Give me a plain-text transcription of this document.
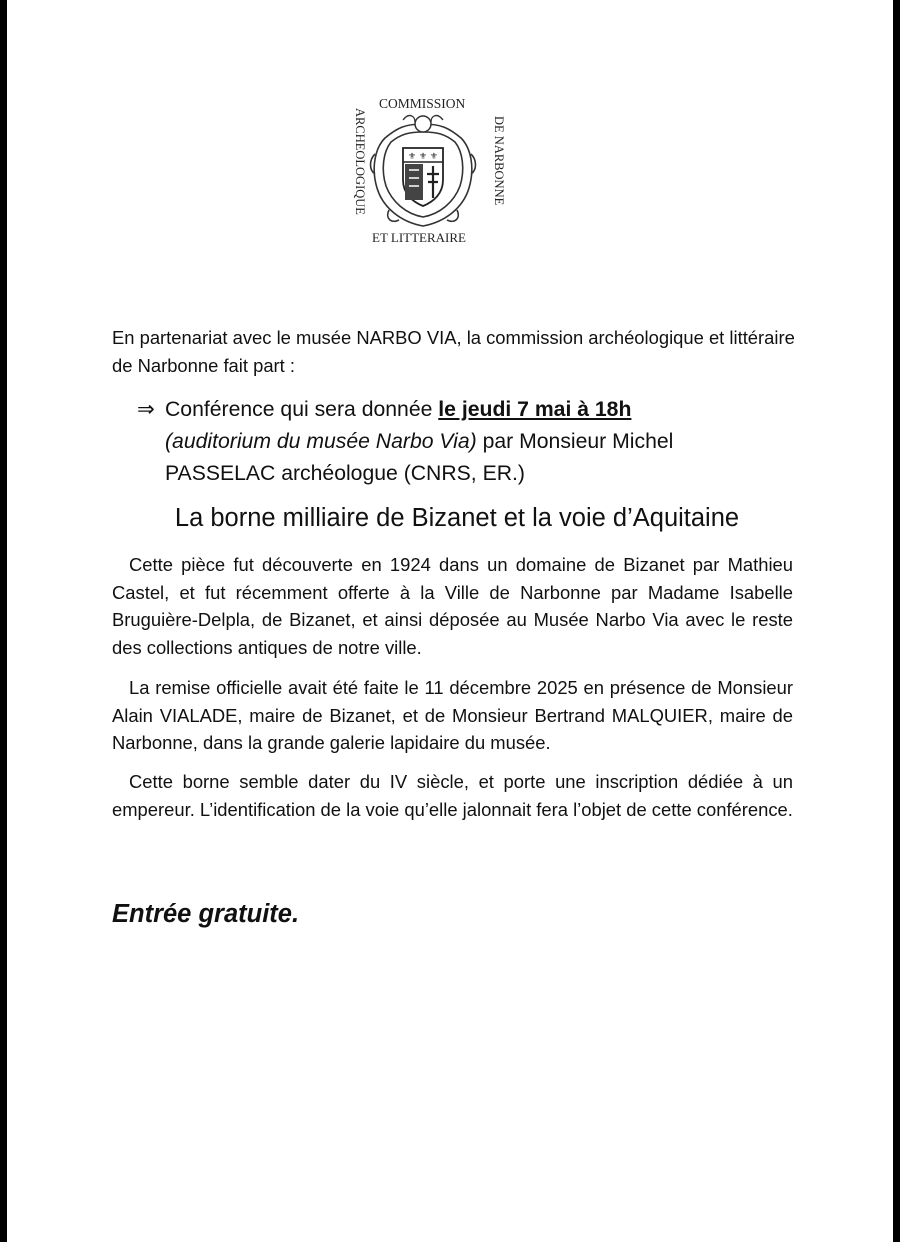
COMMISSION
ET LITTERAIRE
ARCHEOLOGIQUE	DE NARBONNE
⚜ ⚜ ⚜

En partenariat avec le musée NARBO VIA, la commission archéologique et littéraire de Narbonne fait part :

⇒ Conférence qui sera donnée le jeudi 7 mai à 18h
(auditorium du musée Narbo Via) par Monsieur Michel PASSELAC archéologue (CNRS, ER.)
La borne milliaire de Bizanet et la voie d’Aquitaine

Cette pièce fut découverte en 1924 dans un domaine de Bizanet par Mathieu Castel, et fut récemment offerte à la Ville de Narbonne par Madame Isabelle Bruguière-Delpla, de Bizanet, et ainsi déposée au Musée Narbo Via avec le reste des collections antiques de notre ville.

La remise officielle avait été faite le 11 décembre 2025 en présence de Monsieur Alain VIALADE, maire de Bizanet, et de Monsieur Bertrand MALQUIER, maire de Narbonne, dans la grande galerie lapidaire du musée.

Cette borne semble dater du IV siècle, et porte une inscription dédiée à un empereur. L’identification de la voie qu’elle jalonnait fera l’objet de cette conférence.

Entrée gratuite.
